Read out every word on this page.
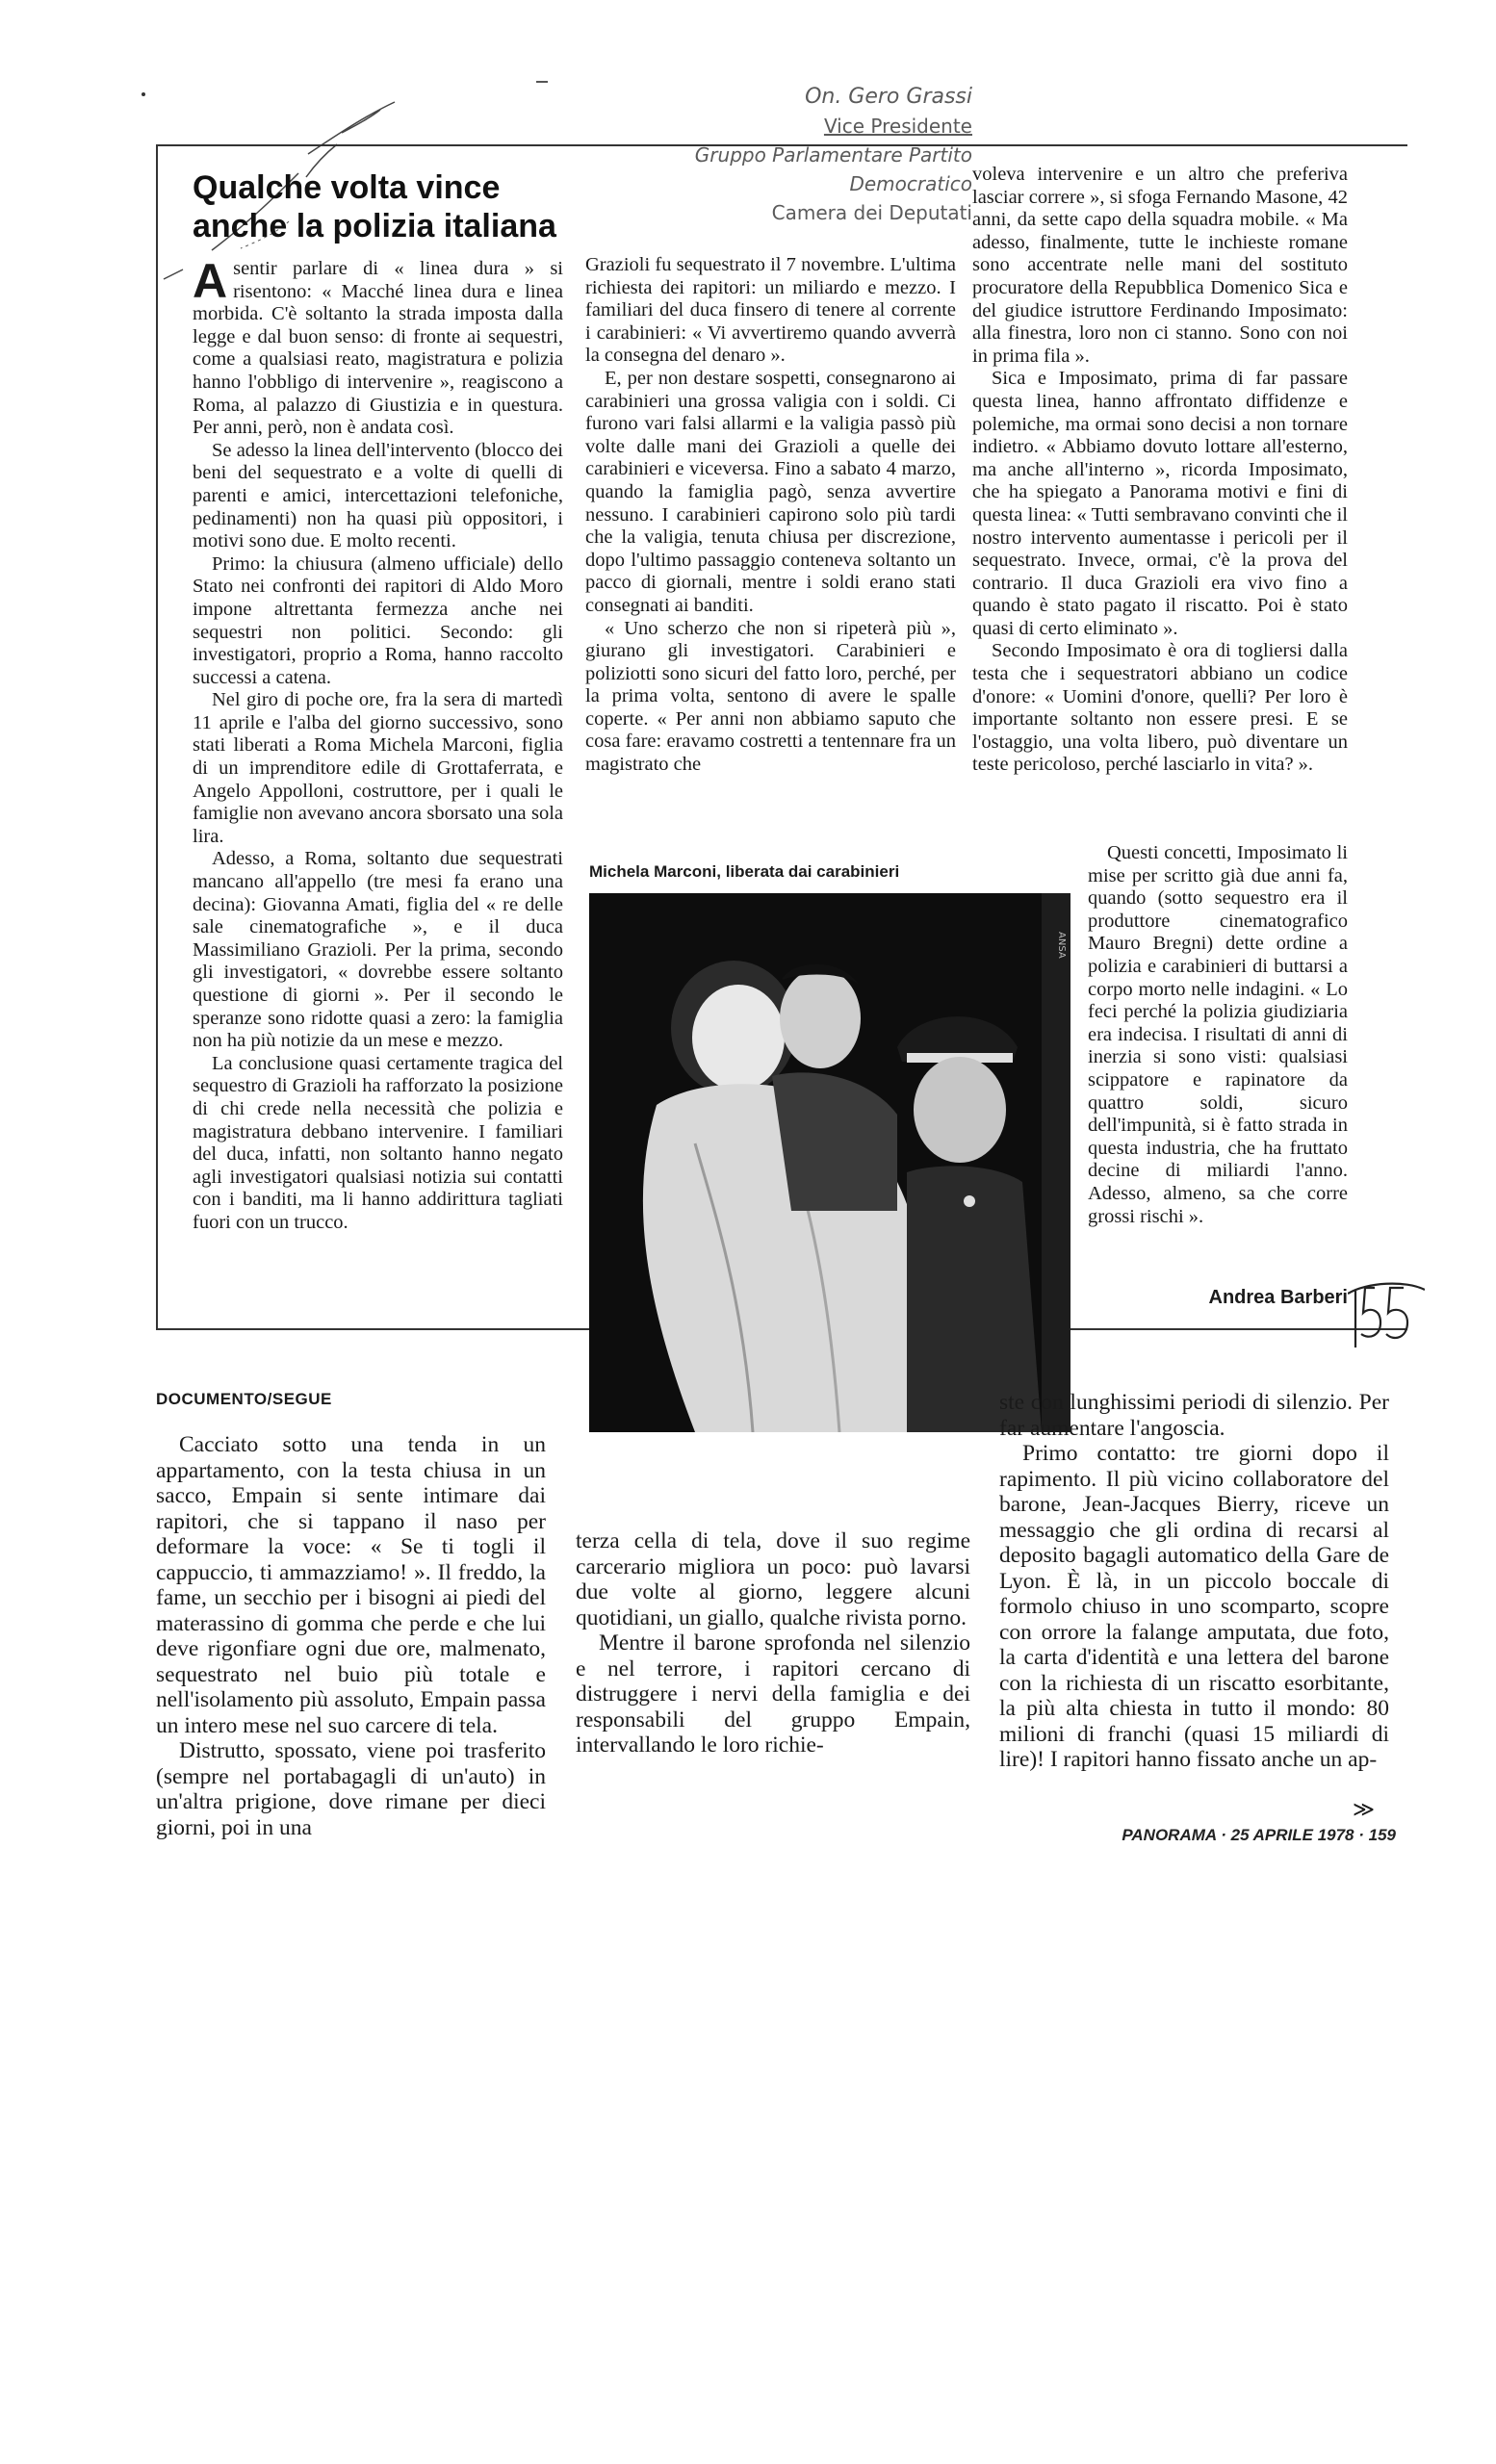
On. Gero Grassi
Vice Presidente
Gruppo Parlamentare Partito Democratico
Camera dei Deputati
Qualche volta vince
anche la polizia italiana

Asentir parlare di « linea dura » si risentono: « Macché linea dura e linea morbida. C'è soltanto la strada imposta dalla legge e dal buon senso: di fronte ai sequestri, come a qualsiasi reato, magistratura e polizia hanno l'obbligo di intervenire », reagiscono a Roma, al palazzo di Giustizia e in questura. Per anni, però, non è andata così.

Se adesso la linea dell'intervento (blocco dei beni del sequestrato e a volte di quelli di parenti e amici, intercettazioni telefoniche, pedinamenti) non ha quasi più oppositori, i motivi sono due. E molto recenti.

Primo: la chiusura (almeno ufficiale) dello Stato nei confronti dei rapitori di Aldo Moro impone altrettanta fermezza anche nei sequestri non politici. Secondo: gli investigatori, proprio a Roma, hanno raccolto successi a catena.

Nel giro di poche ore, fra la sera di martedì 11 aprile e l'alba del giorno successivo, sono stati liberati a Roma Michela Marconi, figlia di un imprenditore edile di Grottaferrata, e Angelo Appolloni, costruttore, per i quali le famiglie non avevano ancora sborsato una sola lira.

Adesso, a Roma, soltanto due sequestrati mancano all'appello (tre mesi fa erano una decina): Giovanna Amati, figlia del « re delle sale cinematografiche », e il duca Massimiliano Grazioli. Per la prima, secondo gli investigatori, « dovrebbe essere soltanto questione di giorni ». Per il secondo le speranze sono ridotte quasi a zero: la famiglia non ha più notizie da un mese e mezzo.

La conclusione quasi certamente tragica del sequestro di Grazioli ha rafforzato la posizione di chi crede nella necessità che polizia e magistratura debbano intervenire. I familiari del duca, infatti, non soltanto hanno negato agli investigatori qualsiasi notizia sui contatti con i banditi, ma li hanno addirittura tagliati fuori con un trucco.

Grazioli fu sequestrato il 7 novembre. L'ultima richiesta dei rapitori: un miliardo e mezzo. I familiari del duca finsero di tenere al corrente i carabinieri: « Vi avvertiremo quando avverrà la consegna del denaro ».

E, per non destare sospetti, consegnarono ai carabinieri una grossa valigia con i soldi. Ci furono vari falsi allarmi e la valigia passò più volte dalle mani dei Grazioli a quelle dei carabinieri e viceversa. Fino a sabato 4 marzo, quando la famiglia pagò, senza avvertire nessuno. I carabinieri capirono solo più tardi che la valigia, tenuta chiusa per discrezione, dopo l'ultimo passaggio conteneva soltanto un pacco di giornali, mentre i soldi erano stati consegnati ai banditi.

« Uno scherzo che non si ripeterà più », giurano gli investigatori. Carabinieri e poliziotti sono sicuri del fatto loro, perché, per la prima volta, sentono di avere le spalle coperte. « Per anni non abbiamo saputo che cosa fare: eravamo costretti a tentennare fra un magistrato che

voleva intervenire e un altro che preferiva lasciar correre », si sfoga Fernando Masone, 42 anni, da sette capo della squadra mobile. « Ma adesso, finalmente, tutte le inchieste romane sono accentrate nelle mani del sostituto procuratore della Repubblica Domenico Sica e del giudice istruttore Ferdinando Imposimato: alla finestra, loro non ci stanno. Sono con noi in prima fila ».

Sica e Imposimato, prima di far passare questa linea, hanno affrontato diffidenze e polemiche, ma ormai sono decisi a non tornare indietro. « Abbiamo dovuto lottare all'esterno, ma anche all'interno », ricorda Imposimato, che ha spiegato a Panorama motivi e fini di questa linea: « Tutti sembravano convinti che il nostro intervento aumentasse i pericoli per il sequestrato. Invece, ormai, c'è la prova del contrario. Il duca Grazioli era vivo fino a quando è stato pagato il riscatto. Poi è stato quasi di certo eliminato ».

Secondo Imposimato è ora di togliersi dalla testa che i sequestratori abbiano un codice d'onore: « Uomini d'onore, quelli? Per loro è importante soltanto non essere presi. E se l'ostaggio, una volta libero, può diventare un teste pericoloso, perché lasciarlo in vita? ».

Questi concetti, Imposimato li mise per scritto già due anni fa, quando (sotto sequestro era il produttore cinematografico Mauro Bregni) dette ordine a polizia e carabinieri di buttarsi a corpo morto nelle indagini. « Lo feci perché la polizia giudiziaria era indecisa. I risultati di anni di inerzia si sono visti: qualsiasi scippatore e rapinatore da quattro soldi, sicuro dell'impunità, si è fatto strada in questa industria, che ha fruttato decine di miliardi l'anno. Adesso, almeno, sa che corre grossi rischi ».

Andrea Barberi
Michela Marconi, liberata dai carabinieri
ANSA
DOCUMENTO/SEGUE

Cacciato sotto una tenda in un appartamento, con la testa chiusa in un sacco, Empain si sente intimare dai rapitori, che si tappano il naso per deformare la voce: « Se ti togli il cappuccio, ti ammazziamo! ». Il freddo, la fame, un secchio per i bisogni ai piedi del materassino di gomma che perde e che lui deve rigonfiare ogni due ore, malmenato, sequestrato nel buio più totale e nell'isolamento più assoluto, Empain passa un intero mese nel suo carcere di tela.

Distrutto, spossato, viene poi trasferito (sempre nel portabagagli di un'auto) in un'altra prigione, dove rimane per dieci giorni, poi in una

terza cella di tela, dove il suo regime carcerario migliora un poco: può lavarsi due volte al giorno, leggere alcuni quotidiani, un giallo, qualche rivista porno.

Mentre il barone sprofonda nel silenzio e nel terrore, i rapitori cercano di distruggere i nervi della famiglia e dei responsabili del gruppo Empain, intervallando le loro richie-

ste con lunghissimi periodi di silenzio. Per far aumentare l'angoscia.

Primo contatto: tre giorni dopo il rapimento. Il più vicino collaboratore del barone, Jean-Jacques Bierry, riceve un messaggio che gli ordina di recarsi al deposito bagagli automatico della Gare de Lyon. È là, in un piccolo boccale di formolo chiuso in uno scomparto, scopre con orrore la falange amputata, due foto, la carta d'identità e una lettera del barone con la richiesta di un riscatto esorbitante, la più alta chiesta in tutto il mondo: 80 milioni di franchi (quasi 15 miliardi di lire)! I rapitori hanno fissato anche un ap-

≫
PANORAMA · 25 APRILE 1978 · 159
